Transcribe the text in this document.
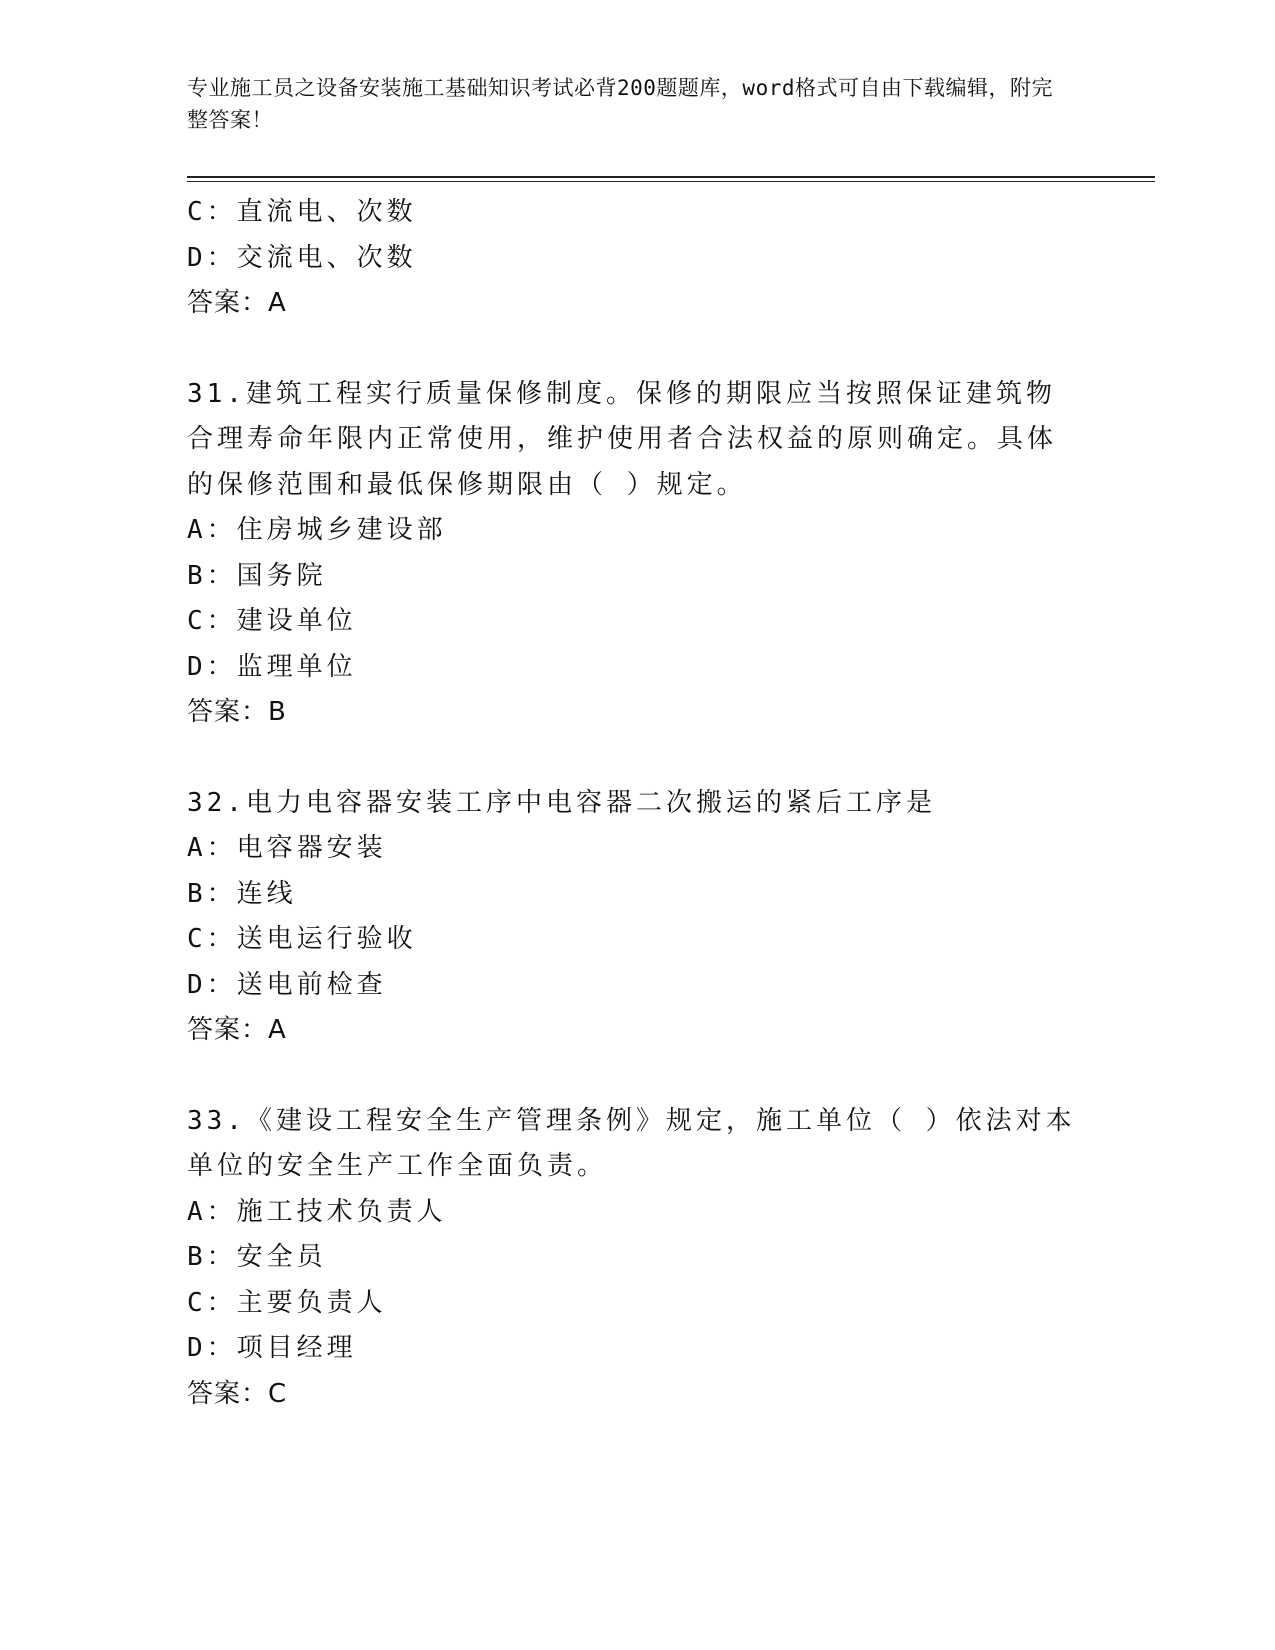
专业施工员之设备安装施工基础知识考试必背200题题库，word格式可自由下载编辑，附完整答案！
C：直流电、次数
D：交流电、次数
答案：A
31.建筑工程实行质量保修制度。保修的期限应当按照保证建筑物合理寿命年限内正常使用，维护使用者合法权益的原则确定。具体的保修范围和最低保修期限由（ ）规定。
A：住房城乡建设部
B：国务院
C：建设单位
D：监理单位
答案：B
32.电力电容器安装工序中电容器二次搬运的紧后工序是
A：电容器安装
B：连线
C：送电运行验收
D：送电前检查
答案：A
33.《建设工程安全生产管理条例》规定，施工单位（ ）依法对本单位的安全生产工作全面负责。
A：施工技术负责人
B：安全员
C：主要负责人
D：项目经理
答案：C
